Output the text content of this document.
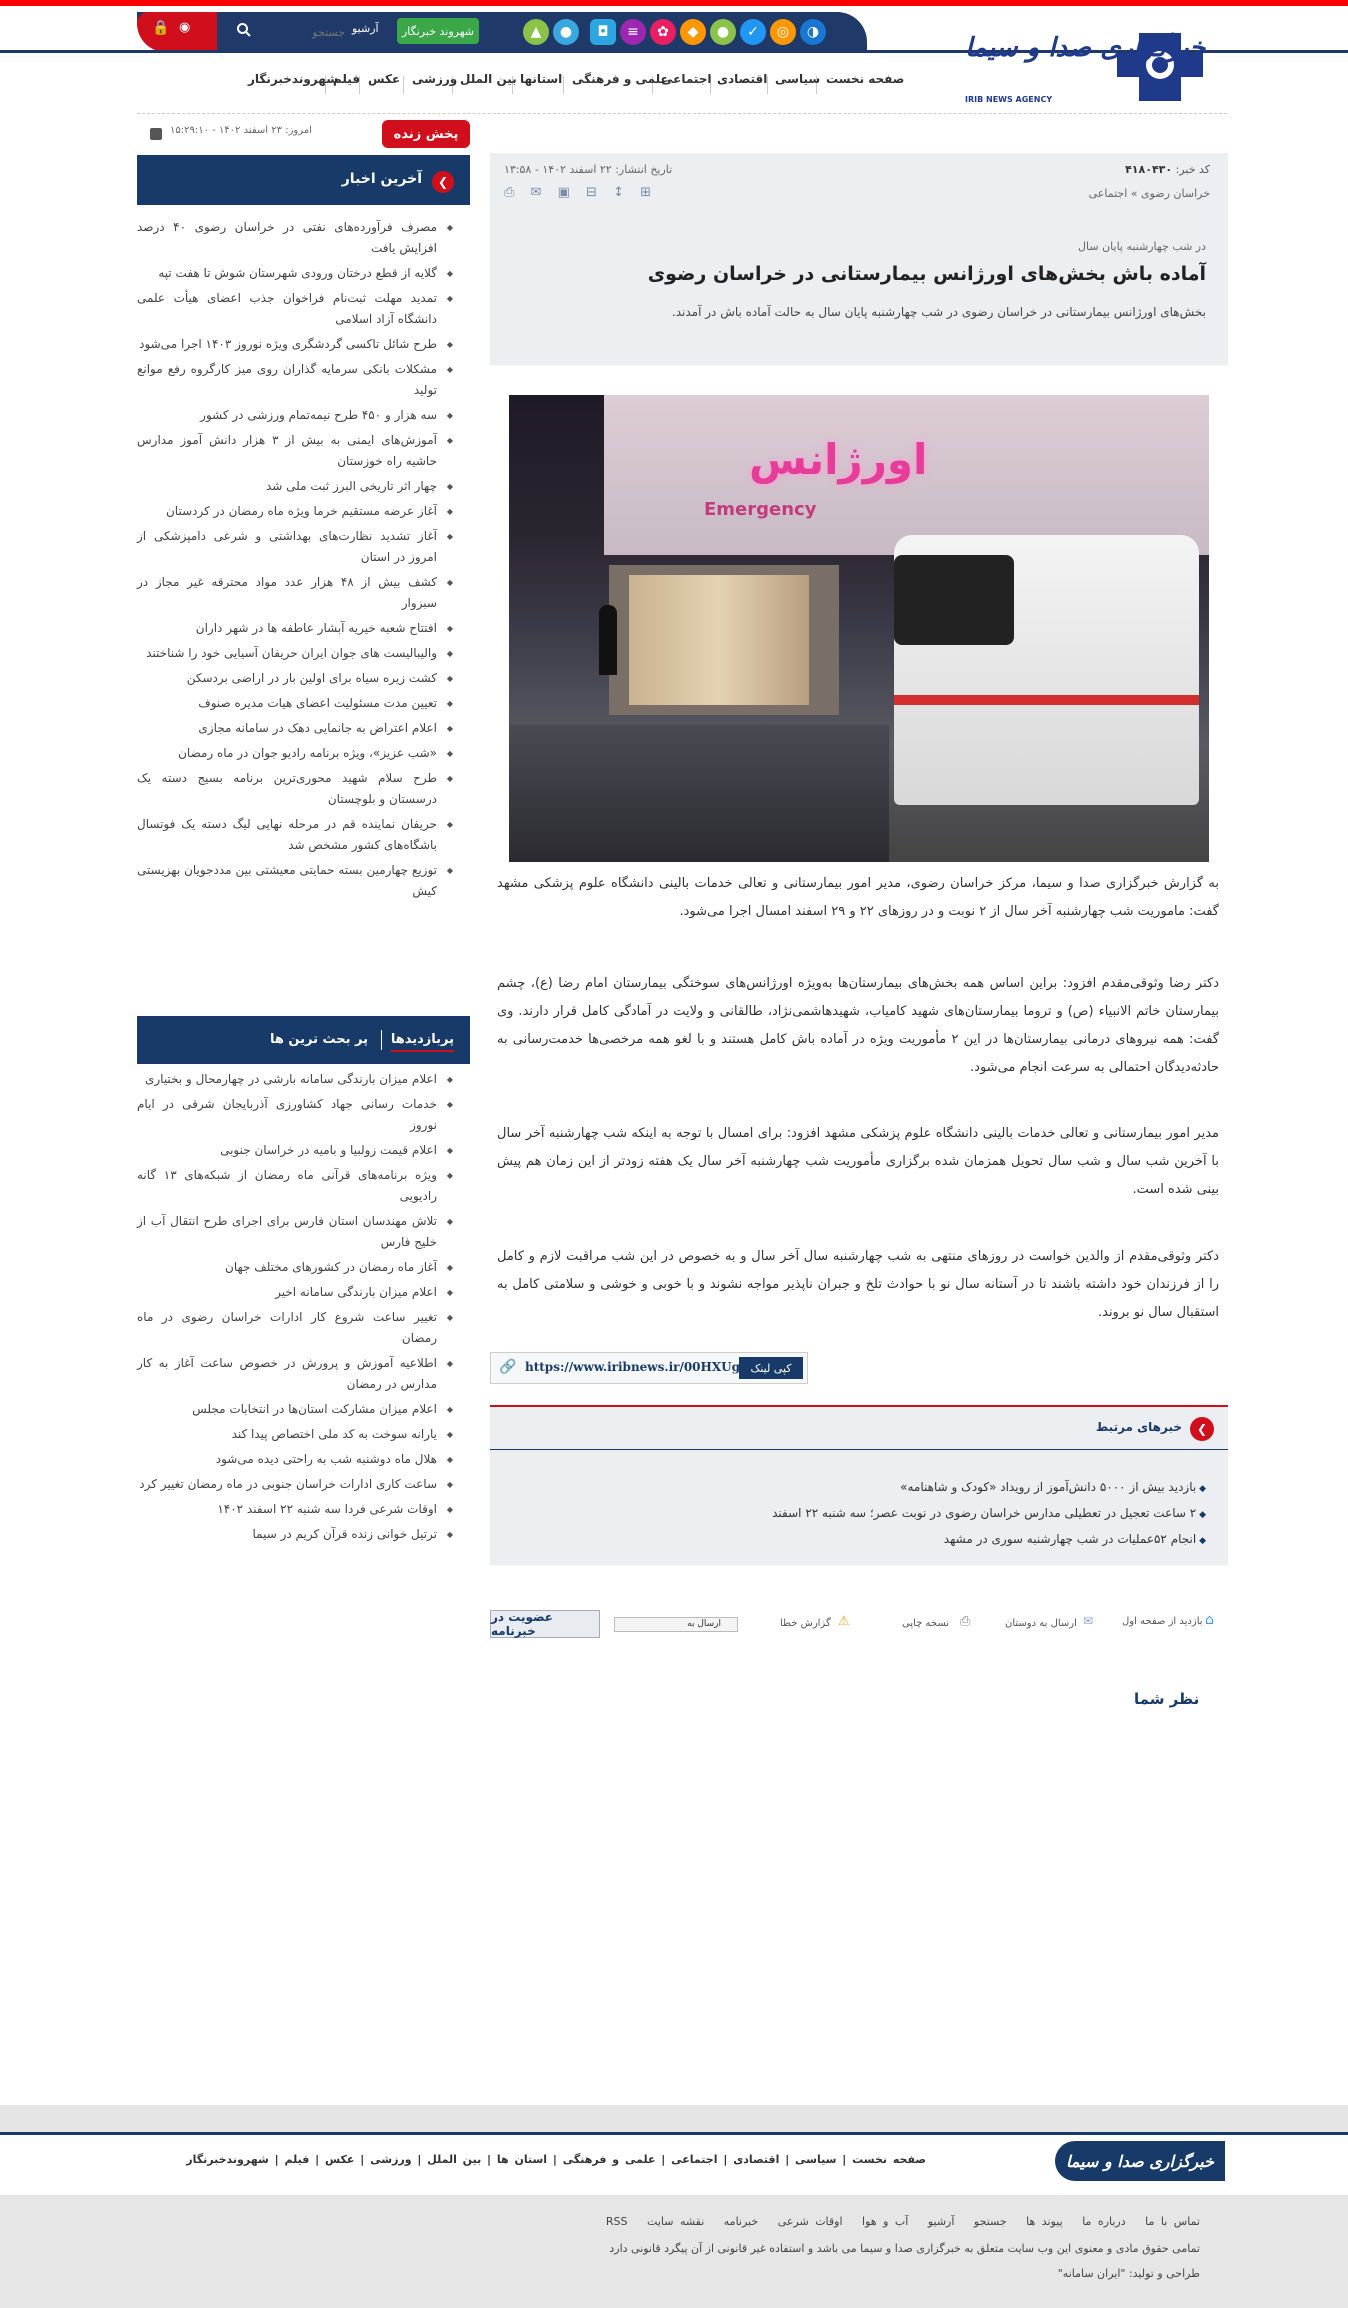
🔒 ◉
جستجو	آرشیو	شهروند خبرنگار	▲	●	◘	≡	✿	◆	●	✓	◎	◑
خبرگزاری صدا و سیما
IRIB NEWS AGENCY
صفحه نخست
سیاسی
اقتصادی
اجتماعی
علمی و فرهنگی
استانها
بین الملل
ورزشی
عکس
فیلم
شهروندخبرنگار
پخش زنده
امروز: ۲۳ اسفند ۱۴۰۲ - ۱۵:۲۹:۱۰
❮
آخرین اخبار
◆ مصرف فرآورده‌های نفتی در خراسان رضوی ۴۰ درصد افزایش یافت
◆ گلایه از قطع درختان ورودی شهرستان شوش تا هفت تپه
◆ تمدید مهلت ثبت‌نام فراخوان جذب اعضای هیأت علمی دانشگاه آزاد اسلامی
◆ طرح شائل تاکسی گردشگری ویژه نوروز ۱۴۰۳ اجرا می‌شود
◆ مشکلات بانکی سرمایه گذاران روی میز کارگروه رفع موانع تولید
◆ سه هزار و ۴۵۰ طرح نیمه‌تمام ورزشی در کشور
◆ آموزش‌های ایمنی به بیش از ۳ هزار دانش آموز مدارس حاشیه راه خوزستان
◆ چهار اثر تاریخی البرز ثبت ملی شد
◆ آغاز عرضه مستقیم خرما ویژه ماه رمضان در کردستان
◆ آغاز تشدید نظارت‌های بهداشتی و شرعی دامپزشکی از امروز در استان
◆ کشف بیش از ۴۸ هزار عدد مواد محترقه غیر مجاز در سبزوار
◆ افتتاح شعبه خیریه آبشار عاطفه ها در شهر داران
◆ والیبالیست های جوان ایران حریفان آسیایی خود را شناختند
◆ کشت زیره سیاه برای اولین بار در اراضی بردسکن
◆ تعیین مدت مسئولیت اعضای هیات مدیره صنوف
◆ اعلام اعتراض به جانمایی دهک در سامانه مجازی
◆ «شب عزیز»، ویژه برنامه رادیو جوان در ماه رمضان
◆ طرح سلام شهید محوری‌ترین برنامه بسیج دسته یک درسستان و بلوچستان
◆ حریفان نماینده قم در مرحله نهایی لیگ دسته یک فوتسال باشگاه‌های کشور مشخص شد
◆ توزیع چهارمین بسته حمایتی معیشتی بین مددجویان بهزیستی کیش
پربازدیدها
پر بحث ترین ها
◆ اعلام میزان بارندگی سامانه بارشی در چهارمحال و بختیاری
◆ خدمات رسانی جهاد کشاورزی آذربایجان شرقی در ایام نوروز
◆ اعلام قیمت زولبیا و بامیه در خراسان جنوبی
◆ ویژه برنامه‌های قرآنی ماه رمضان از شبکه‌های ۱۳ گانه رادیویی
◆ تلاش مهندسان استان فارس برای اجرای طرح انتقال آب از خلیج فارس
◆ آغاز ماه رمضان در کشورهای مختلف جهان
◆ اعلام میزان بارندگی سامانه اخیر
◆ تغییر ساعت شروع کار ادارات خراسان رضوی در ماه رمضان
◆ اطلاعیه آموزش و پرورش در خصوص ساعت آغاز به کار مدارس در رمضان
◆ اعلام میزان مشارکت استان‌ها در انتخابات مجلس
◆ یارانه سوخت به کد ملی اختصاص پیدا کند
◆ هلال ماه دوشنبه شب به راحتی دیده می‌شود
◆ ساعت کاری ادارات خراسان جنوبی در ماه رمضان تغییر کرد
◆ اوقات شرعی فردا سه شنبه ۲۲ اسفند ۱۴۰۲
◆ ترتیل خوانی زنده قرآن کریم در سیما
کد خبر: ۴۱۸۰۴۳۰
تاریخ انتشار: ۲۲ اسفند ۱۴۰۲ - ۱۳:۵۸
خراسان رضوی » اجتماعی
⎙ ✉ ▣ ⊟ ↕ ⊞
در شب چهارشنبه پایان سال
آماده باش بخش‌های اورژانس بیمارستانی در خراسان رضوی
بخش‌های اورژانس بیمارستانی در خراسان رضوی در شب چهارشنبه پایان سال به حالت آماده باش در آمدند.
اورژانس
Emergency
به گزارش خبرگزاری صدا و سیما، مرکز خراسان رضوی، مدیر امور بیمارستانی و تعالی خدمات بالینی دانشگاه علوم پزشکی مشهد گفت: ماموریت شب چهارشنبه آخر سال از ۲ نوبت و در روزهای ۲۲ و ۲۹ اسفند امسال اجرا می‌شود.
دکتر رضا وثوقی‌مقدم افزود: براین اساس همه بخش‌های بیمارستان‌ها به‌ویژه اورژانس‌های سوختگی بیمارستان امام رضا (ع)، چشم بیمارستان خاتم الانبیاء (ص) و تروما بیمارستان‌های شهید کامیاب، شهیدهاشمی‌نژاد، طالقانی و ولایت در آمادگی کامل قرار دارند. وی گفت: همه نیروهای درمانی بیمارستان‌ها در این ۲ مأموریت ویژه در آماده باش کامل هستند و با لغو همه مرخصی‌ها خدمت‌رسانی به حادثه‌دیدگان احتمالی به سرعت انجام می‌شود.
مدیر امور بیمارستانی و تعالی خدمات بالینی دانشگاه علوم پزشکی مشهد افزود: برای امسال با توجه به اینکه شب چهارشنبه آخر سال با آخرین شب سال و شب سال تحویل همزمان شده برگزاری مأموریت شب چهارشنبه آخر سال یک هفته زودتر از این زمان هم پیش بینی شده است.
دکتر وثوقی‌مقدم از والدین خواست در روزهای منتهی به شب چهارشنبه سال آخر سال و به خصوص در این شب مراقبت لازم و کامل را از فرزندان خود داشته باشند تا در آستانه سال نو با حوادث تلخ و جبران ناپذیر مواجه نشوند و با خوبی و خوشی و سلامتی کامل به استقبال سال نو بروند.
کپی لینک
https://www.iribnews.ir/00HXUg
🔗
❮
خبرهای مرتبط
◆ بازدید بیش از ۵۰۰۰ دانش‌آموز از رویداد «کودک و شاهنامه»
◆ ۲ ساعت تعجیل در تعطیلی مدارس خراسان رضوی در نوبت عصر؛ سه شنبه ۲۲ اسفند
◆ انجام ۵۲عملیات در شب چهارشنبه سوری در مشهد
⌂
بازدید از صفحه اول
✉
ارسال به دوستان
⎙
نسخه چاپی
⚠
گزارش خطا
ارسال به
عضویت در خبرنامه
نظر شما
خبرگزاری صدا و سیما
صفحه نخست | سیاسی | اقتصادی | اجتماعی | علمی و فرهنگی | استان ها | بین الملل | ورزشی | عکس | فیلم | شهروندخبرنگار
تماس با ما   درباره ما   پیوند ها   جستجو   آرشیو   آب و هوا   اوقات شرعی   خبرنامه   نقشه سایت   RSS
تمامی حقوق مادی و معنوی این وب سایت متعلق به خبرگزاری صدا و سیما می باشد و استفاده غیر قانونی از آن پیگرد قانونی دارد
طراحی و تولید: "ایران سامانه"
